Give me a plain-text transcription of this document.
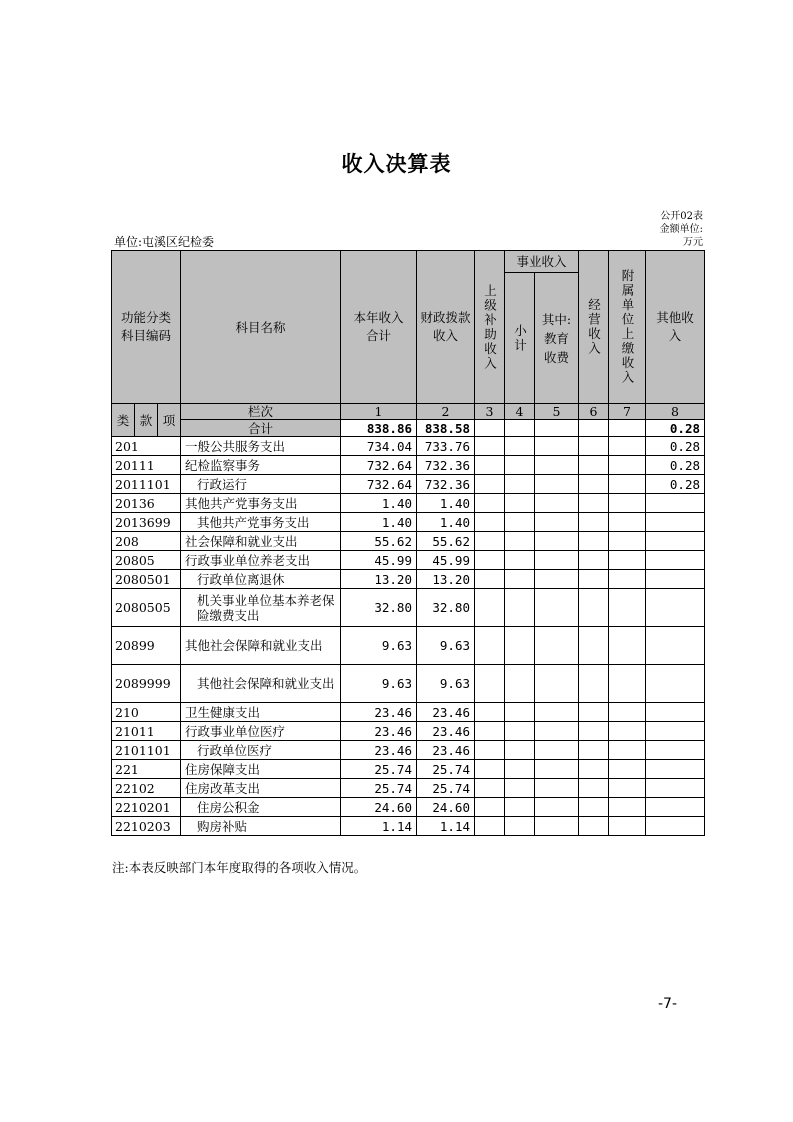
收入决算表
公开02表
金额单位:
万元
单位:屯溪区纪检委
功能分类科目编码			科目名称	本年收入合计	财政拨款收入	上级补助收入	事业收入		经营收入	附属单位上缴收入	其他收入

							小计	其中:教育收费			

类	款	项	栏次	1	2	3	4	5	6	7	8
			合计	838.86	838.58						0.28
201			一般公共服务支出	734.04	733.76						0.28
20111			纪检监察事务	732.64	732.36						0.28
2011101			行政运行	732.64	732.36						0.28
20136			其他共产党事务支出	1.40	1.40						
2013699			其他共产党事务支出	1.40	1.40						
208			社会保障和就业支出	55.62	55.62						
20805			行政事业单位养老支出	45.99	45.99						
2080501			行政单位离退休	13.20	13.20						
2080505			机关事业单位基本养老保险缴费支出	32.80	32.80						
20899			其他社会保障和就业支出	9.63	9.63						
2089999			其他社会保障和就业支出	9.63	9.63						
210			卫生健康支出	23.46	23.46						
21011			行政事业单位医疗	23.46	23.46						
2101101			行政单位医疗	23.46	23.46						
221			住房保障支出	25.74	25.74						
22102			住房改革支出	25.74	25.74						
2210201			住房公积金	24.60	24.60						
2210203			购房补贴	1.14	1.14						
注:本表反映部门本年度取得的各项收入情况。
-7-
